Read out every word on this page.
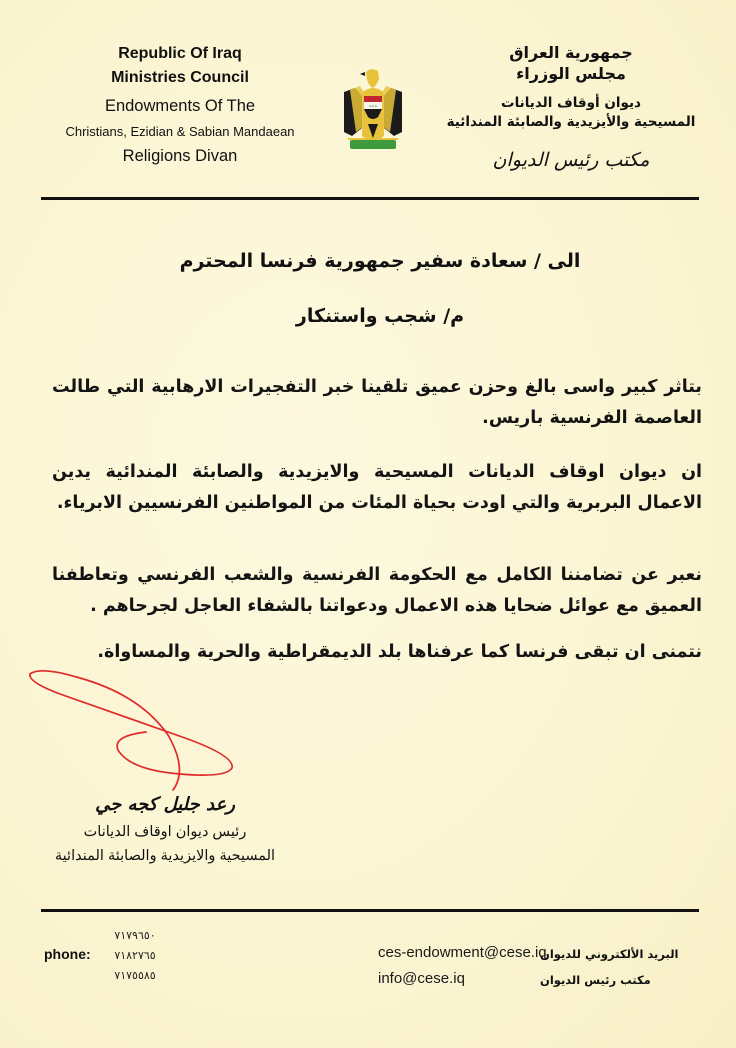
Republic Of Iraq
Ministries Council
Endowments Of The
Christians, Ezidian & Sabian Mandaean
Religions Divan
✶✶✶
جمهورية العراق
مجلس الوزراء
ديوان أوقاف الديانات
المسيحية والأيزيدية والصابئة المندائية
مكتب رئيس الديوان
الى / سعادة سفير جمهورية فرنسا المحترم
م/ شجب واستنكار
بتاثر كبير واسى بالغ وحزن عميق تلقينا خبر التفجيرات الارهابية التي طالت العاصمة الفرنسية باريس.
ان ديوان اوقاف الديانات المسيحية والايزيدية والصابئة المندائية يدين الاعمال البربرية والتي اودت بحياة المئات من المواطنين الفرنسيين الابرياء.
نعبر عن تضامننا الكامل مع الحكومة الفرنسية والشعب الفرنسي وتعاطفنا العميق مع عوائل ضحايا هذه الاعمال ودعواتنا بالشفاء العاجل لجرحاهم .
نتمنى ان تبقى فرنسا كما عرفناها بلد الديمقراطية والحرية والمساواة.
رعد جليل كجه جي
رئيس ديوان اوقاف الديانات
المسيحية والايزيدية والصابئة المندائية
phone:
٧١٧٩٦٥٠
٧١٨٢٧٦٥
٧١٧٥٥٨٥
ces-endowment@cese.iq
info@cese.iq
البريد الألكتروني للديوان
مكتب رئيس الديوان
